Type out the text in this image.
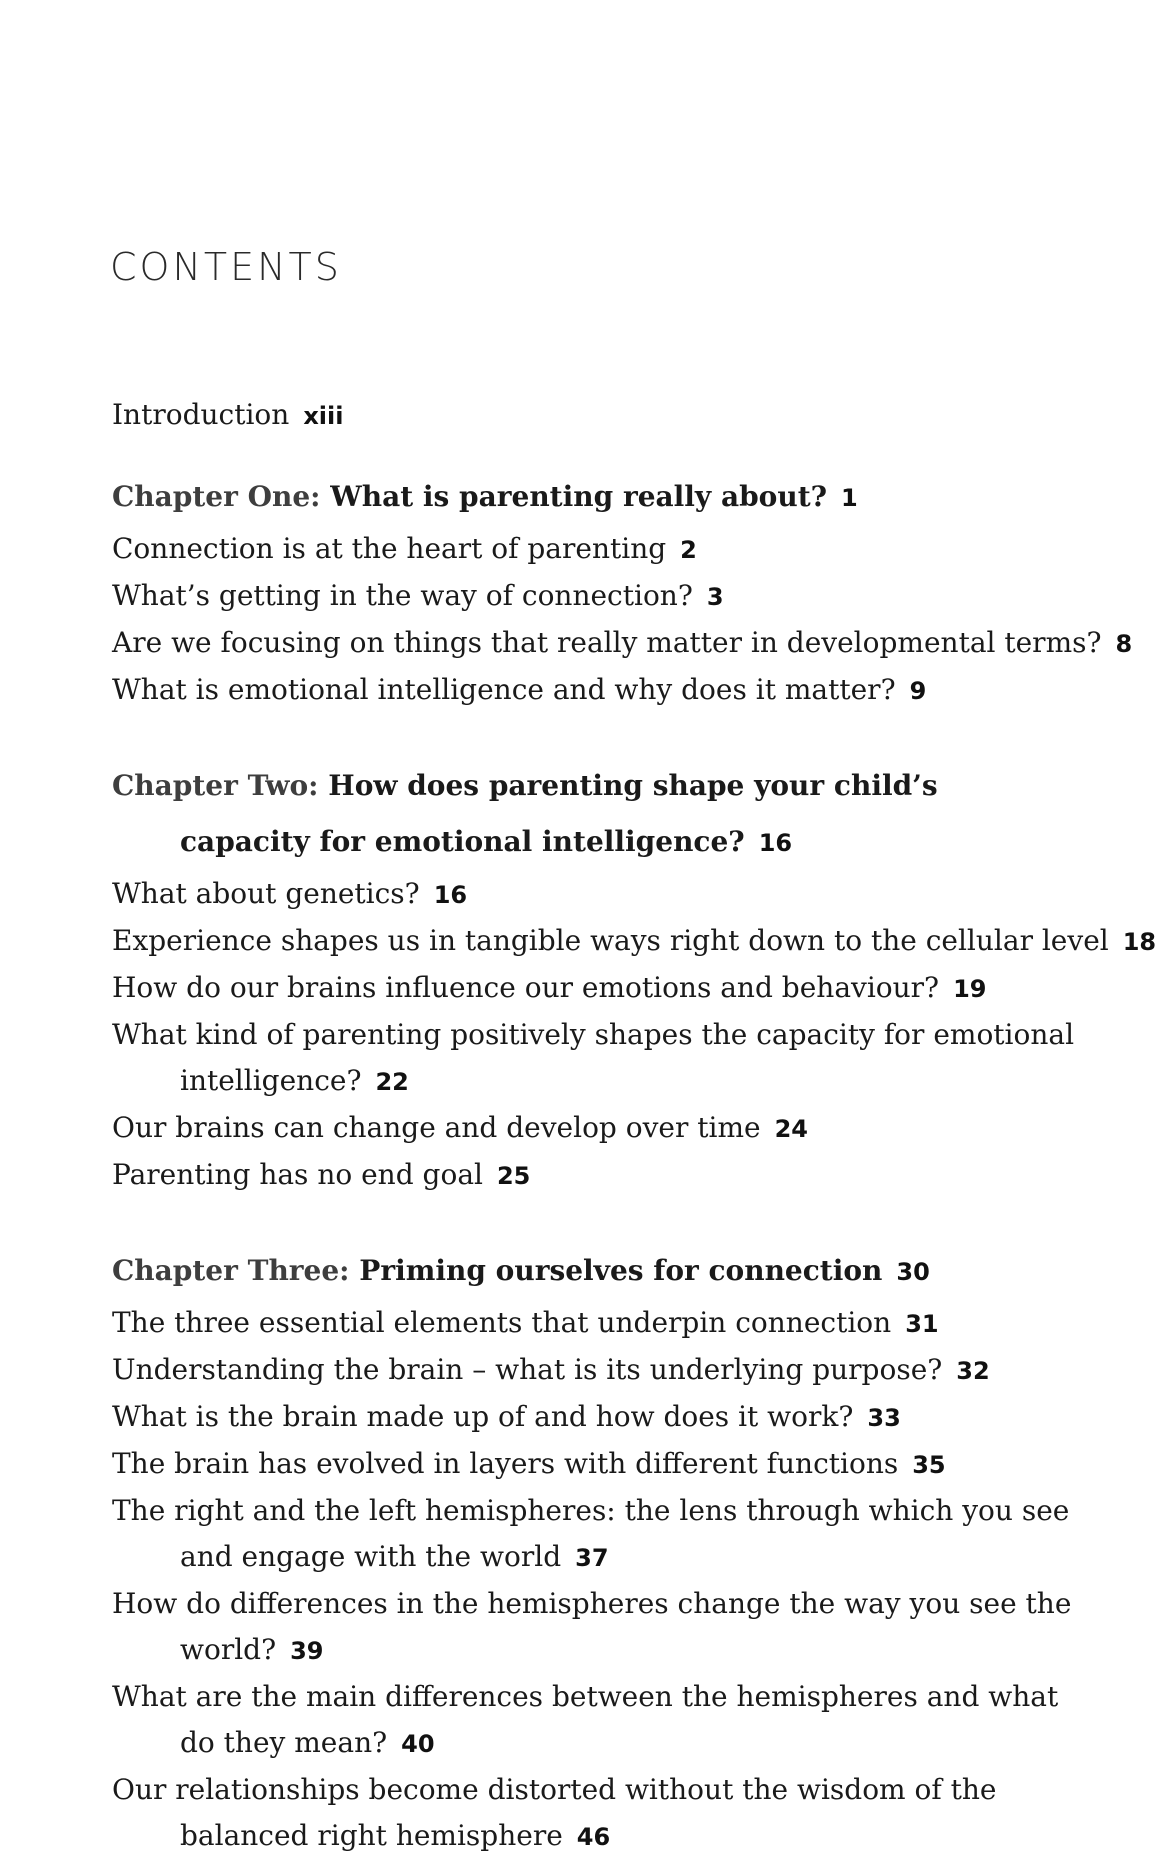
CONTENTS
Introduction xiii
Chapter One: What is parenting really about? 1
Connection is at the heart of parenting 2
What’s getting in the way of connection? 3
Are we focusing on things that really matter in developmental terms? 8
What is emotional intelligence and why does it matter? 9
Chapter Two: How does parenting shape your child’s
capacity for emotional intelligence? 16
What about genetics? 16
Experience shapes us in tangible ways right down to the cellular level 18
How do our brains influence our emotions and behaviour? 19
What kind of parenting positively shapes the capacity for emotional
intelligence? 22
Our brains can change and develop over time 24
Parenting has no end goal 25
Chapter Three: Priming ourselves for connection 30
The three essential elements that underpin connection 31
Understanding the brain – what is its underlying purpose? 32
What is the brain made up of and how does it work? 33
The brain has evolved in layers with different functions 35
The right and the left hemispheres: the lens through which you see
and engage with the world 37
How do differences in the hemispheres change the way you see the
world? 39
What are the main differences between the hemispheres and what
do they mean? 40
Our relationships become distorted without the wisdom of the
balanced right hemisphere 46
